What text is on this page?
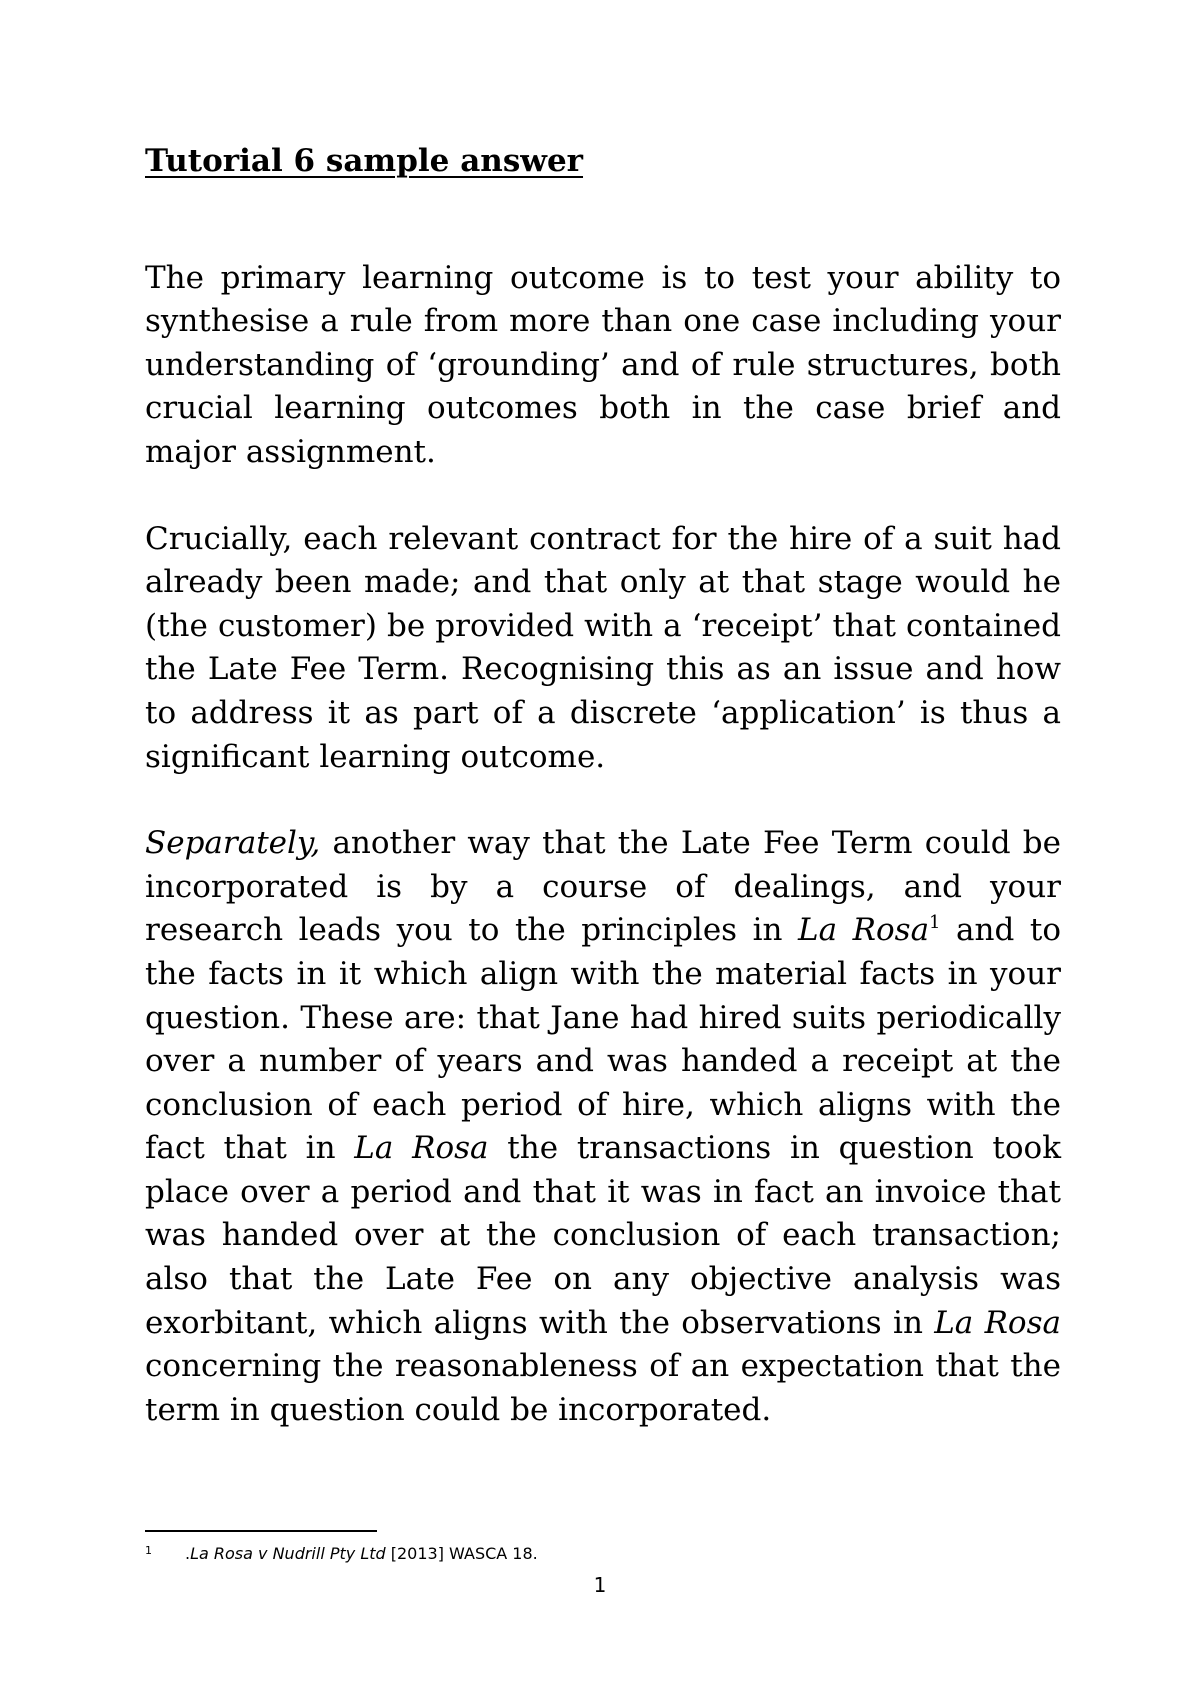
Tutorial 6 sample answer

The primary learning outcome is to test your ability to synthesise a rule from more than one case including your understanding of ‘grounding’ and of rule structures, both crucial learning outcomes both in the case brief and major assignment.

Crucially, each relevant contract for the hire of a suit had already been made; and that only at that stage would he (the customer) be provided with a ‘receipt’ that contained the Late Fee Term. Recognising this as an issue and how to address it as part of a discrete ‘application’ is thus a significant learning outcome.

Separately, another way that the Late Fee Term could be incorporated is by a course of dealings, and your research leads you to the principles in La Rosa$^1$ and to the facts in it which align with the material facts in your question. These are: that Jane had hired suits periodically over a number of years and was handed a receipt at the conclusion of each period of hire, which aligns with the fact that in La Rosa the transactions in question took place over a period and that it was in fact an invoice that was handed over at the conclusion of each transaction; also that the Late Fee on any objective analysis was exorbitant, which aligns with the observations in La Rosa concerning the reasonableness of an expectation that the term in question could be incorporated.

1 .La Rosa v Nudrill Pty Ltd [2013] WASCA 18.
1
